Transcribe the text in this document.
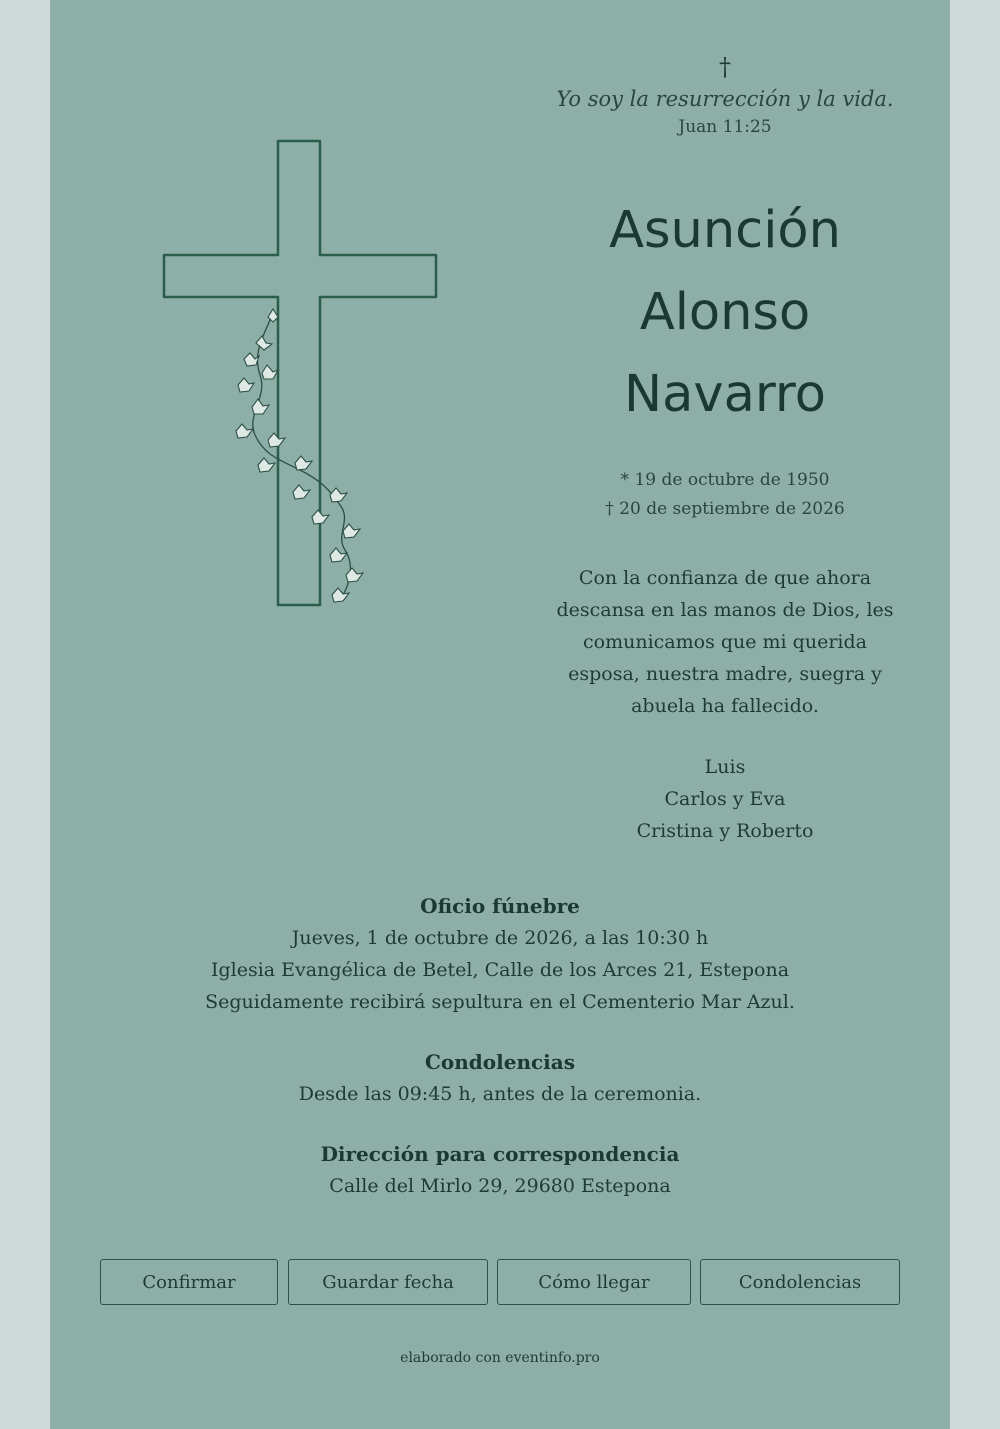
†

Yo soy la resurrección y la vida.

Juan 11:25

Asunción
Alonso
Navarro
* 19 de octubre de 1950
† 20 de septiembre de 2026
Con la confianza de que ahora descansa en las manos de Dios, les comunicamos que mi querida esposa, nuestra madre, suegra y abuela ha fallecido.
Luis
Carlos y Eva
Cristina y Roberto
Oficio fúnebre

Jueves, 1 de octubre de 2026, a las 10:30 h

Iglesia Evangélica de Betel, Calle de los Arces 21, Estepona

Seguidamente recibirá sepultura en el Cementerio Mar Azul.

Condolencias

Desde las 09:45 h, antes de la ceremonia.

Dirección para correspondencia

Calle del Mirlo 29, 29680 Estepona

Confirmar	Guardar fecha	Cómo llegar	Condolencias
elaborado con eventinfo.pro
